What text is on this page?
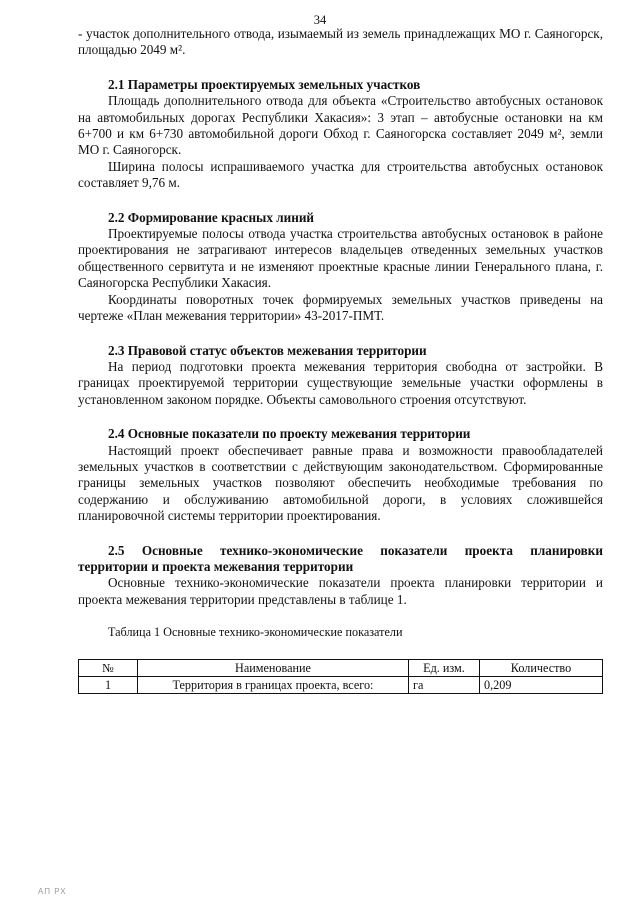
34

- участок дополнительного отвода, изымаемый из земель принадлежащих МО г. Саяногорск, площадью 2049 м².

2.1 Параметры проектируемых земельных участков

Площадь дополнительного отвода для объекта «Строительство автобусных остановок на автомобильных дорогах Республики Хакасия»: 3 этап – автобусные остановки на км 6+700 и км 6+730 автомобильной дороги Обход г. Саяногорска составляет 2049 м², земли МО г. Саяногорск.

Ширина полосы испрашиваемого участка для строительства автобусных остановок составляет 9,76 м.

2.2 Формирование красных линий

Проектируемые полосы отвода участка строительства автобусных остановок в районе проектирования не затрагивают интересов владельцев отведенных земельных участков общественного сервитута и не изменяют проектные красные линии Генерального плана, г. Саяногорска Республики Хакасия.

Координаты поворотных точек формируемых земельных участков приведены на чертеже «План межевания территории» 43-2017-ПМТ.

2.3 Правовой статус объектов межевания территории

На период подготовки проекта межевания территория свободна от застройки. В границах проектируемой территории существующие земельные участки оформлены в установленном законом порядке. Объекты самовольного строения отсутствуют.

2.4 Основные показатели по проекту межевания территории

Настоящий проект обеспечивает равные права и возможности правообладателей земельных участков в соответствии с действующим законодательством. Сформированные границы земельных участков позволяют обеспечить необходимые требования по содержанию и обслуживанию автомобильной дороги, в условиях сложившейся планировочной системы территории проектирования.

2.5 Основные технико-экономические показатели проекта планировки территории и проекта межевания территории

Основные технико-экономические показатели проекта планировки территории и проекта межевания территории представлены в таблице 1.

Таблица 1 Основные технико-экономические показатели

№	Наименование	Ед. изм.	Количество
1	Территория в границах проекта, всего:	га	0,209
АП РХ
